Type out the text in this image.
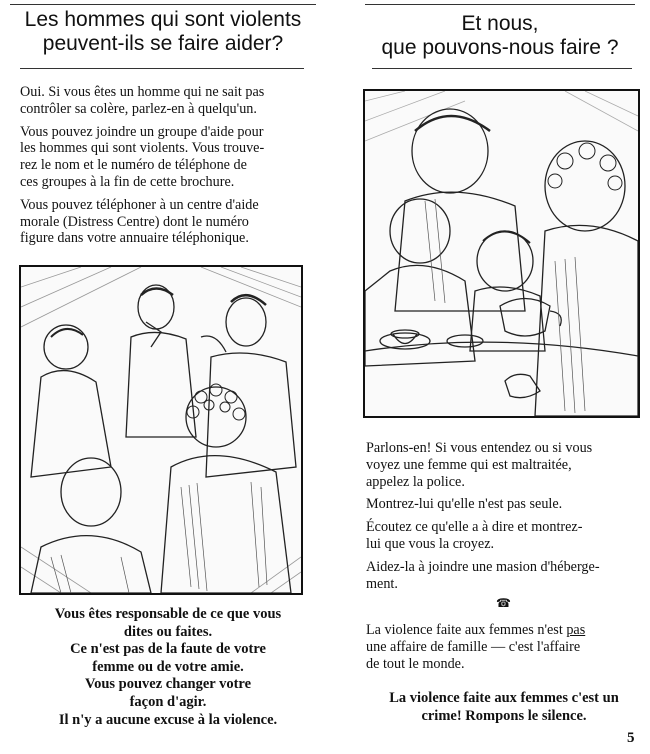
Les hommes qui sont violents
peuvent-ils se faire aider?
Et nous,
que pouvons-nous faire ?

Oui. Si vous êtes un homme qui ne sait pas
contrôler sa colère, parlez-en à quelqu'un.

Vous pouvez joindre un groupe d'aide pour
les hommes qui sont violents. Vous trouve-
rez le nom et le numéro de téléphone de
ces groupes à la fin de cette brochure.

Vous pouvez téléphoner à un centre d'aide
morale (Distress Centre) dont le numéro
figure dans votre annuaire téléphonique.

Vous êtes responsable de ce que vous

dites ou faites.

Ce n'est pas de la faute de votre

femme ou de votre amie.

Vous pouvez changer votre

façon d'agir.

Il n'y a aucune excuse à la violence.

Parlons-en! Si vous entendez ou si vous
voyez une femme qui est maltraitée,
appelez la police.

Montrez-lui qu'elle n'est pas seule.

Écoutez ce qu'elle a à dire et montrez-
lui que vous la croyez.

Aidez-la à joindre une masion d'héberge-
ment.

☎

La violence faite aux femmes n'est pas
une affaire de famille — c'est l'affaire
de tout le monde.

La violence faite aux femmes c'est un

crime! Rompons le silence.

5
